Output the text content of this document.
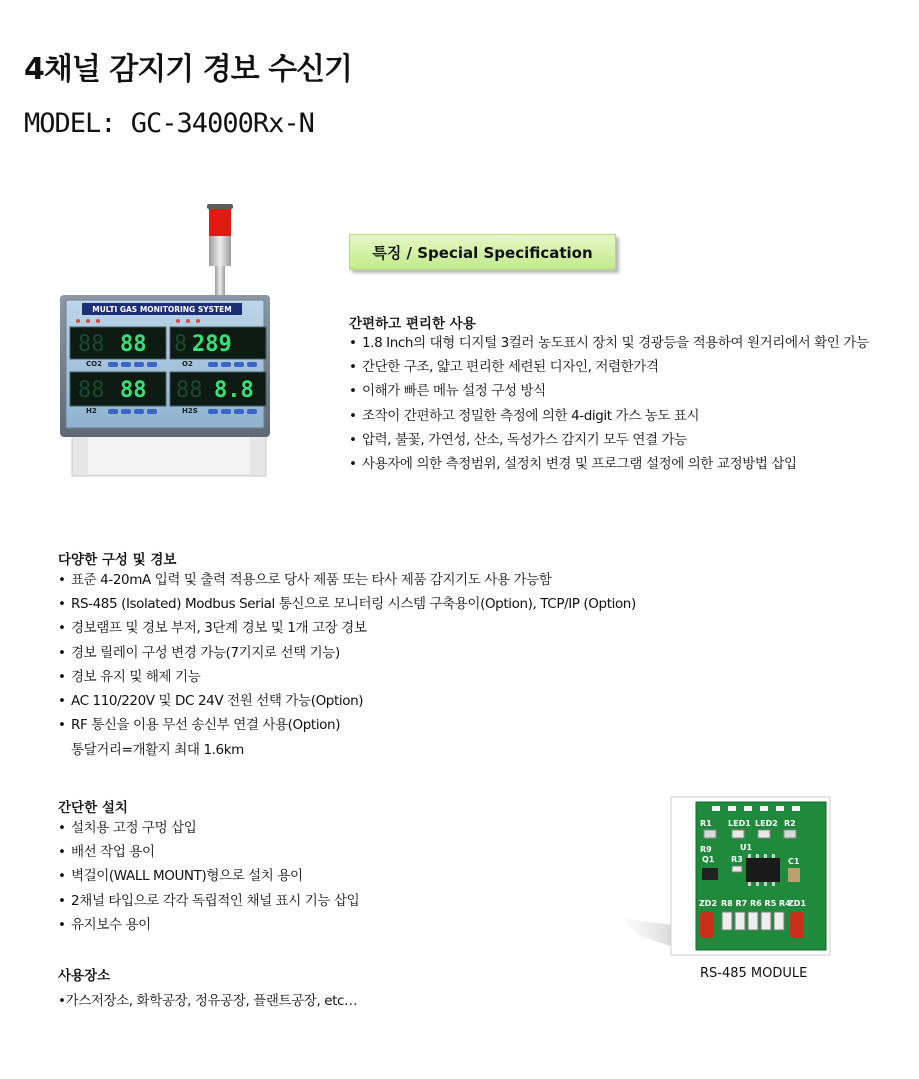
4채널 감지기 경보 수신기
MODEL: GC-34000Rx-N
MULTI GAS MONITORING SYSTEM
88 88
CO2
8 289
O2
88 88
H2
88 8.8
H2S
특징 / Special Specification
간편하고 편리한 사용
• 1.8 Inch의 대형 디지털 3컬러 농도표시 장치 및 경광등을 적용하여 원거리에서 확인 가능
• 간단한 구조, 얇고 편리한 세련된 디자인, 저렴한가격
• 이해가 빠른 메뉴 설정 구성 방식
• 조작이 간편하고 정밀한 측정에 의한 4-digit 가스 농도 표시
• 압력, 불꽃, 가연성, 산소, 독성가스 감지기 모두 연결 가능
• 사용자에 의한 측정범위, 설정치 변경 및 프로그램 설정에 의한 교정방법 삽입
다양한 구성 및 경보
• 표준 4-20mA 입력 및 출력 적용으로 당사 제품 또는 타사 제품 감지기도 사용 가능함
• RS-485 (Isolated) Modbus Serial 통신으로 모니터링 시스템 구축용이(Option), TCP/IP (Option)
• 경보램프 및 경보 부저, 3단계 경보 및 1개 고장 경보
• 경보 릴레이 구성 변경 가능(7기지로 선택 기능)
• 경보 유지 및 해제 기능
• AC 110/220V 및 DC 24V 전원 선택 가능(Option)
• RF 통신을 이용 무선 송신부 연결 사용(Option)
통달거리=개활지 최대 1.6km
간단한 설치
• 설치용 고정 구멍 삽입
• 배선 작업 용이
• 벽걸이(WALL MOUNT)형으로 설치 용이
• 2채널 타입으로 각각 독립적인 채널 표시 기능 삽입
• 유지보수 용이
사용장소
•가스저장소, 화학공장, 정유공장, 플랜트공장, etc…
R1 LED1 LED2 R2
R9	U1
Q1 R3	C1
ZD2 R8 R7 R6 R5 R4
ZD1
RS-485 MODULE
